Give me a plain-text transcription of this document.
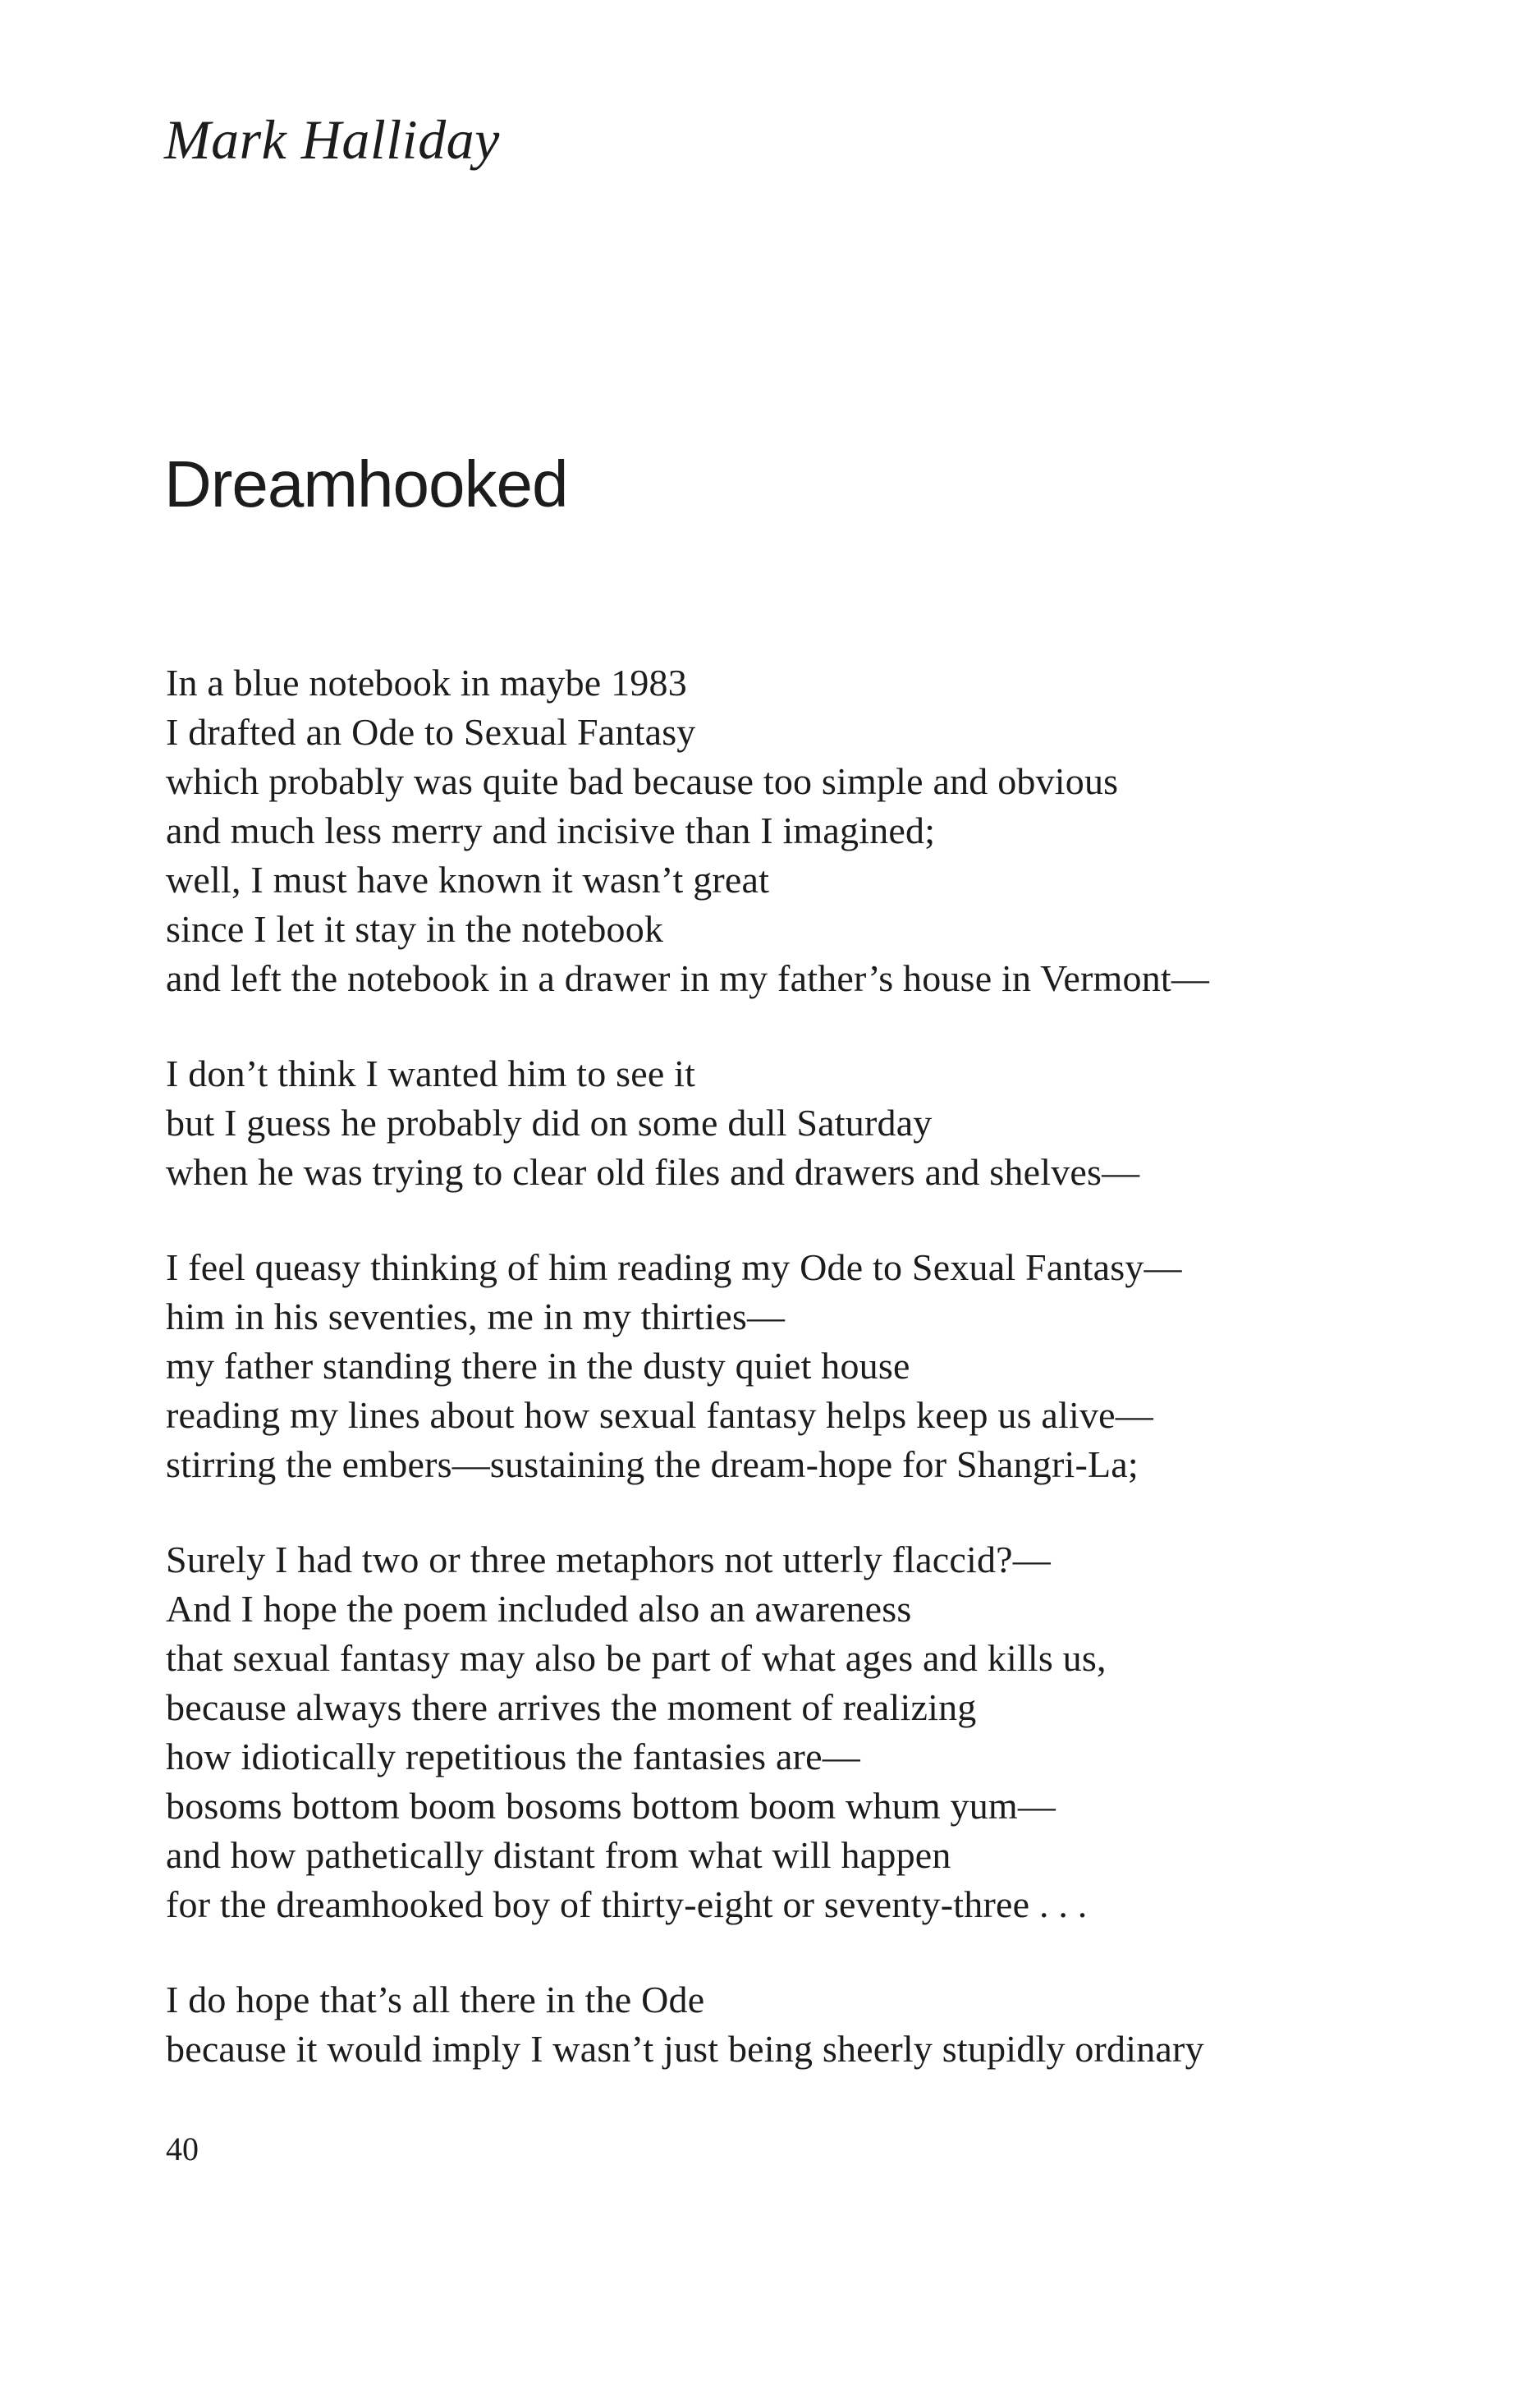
Mark Halliday
Dreamhooked
In a blue notebook in maybe 1983
I drafted an Ode to Sexual Fantasy
which probably was quite bad because too simple and obvious
and much less merry and incisive than I imagined;
well, I must have known it wasn’t great
since I let it stay in the notebook
and left the notebook in a drawer in my father’s house in Vermont—
I don’t think I wanted him to see it
but I guess he probably did on some dull Saturday
when he was trying to clear old files and drawers and shelves—
I feel queasy thinking of him reading my Ode to Sexual Fantasy—
him in his seventies, me in my thirties—
my father standing there in the dusty quiet house
reading my lines about how sexual fantasy helps keep us alive—
stirring the embers—sustaining the dream-hope for Shangri-La;
Surely I had two or three metaphors not utterly flaccid?—
And I hope the poem included also an awareness
that sexual fantasy may also be part of what ages and kills us,
because always there arrives the moment of realizing
how idiotically repetitious the fantasies are—
bosoms bottom boom bosoms bottom boom whum yum—
and how pathetically distant from what will happen
for the dreamhooked boy of thirty-eight or seventy-three . . .
I do hope that’s all there in the Ode
because it would imply I wasn’t just being sheerly stupidly ordinary
40
